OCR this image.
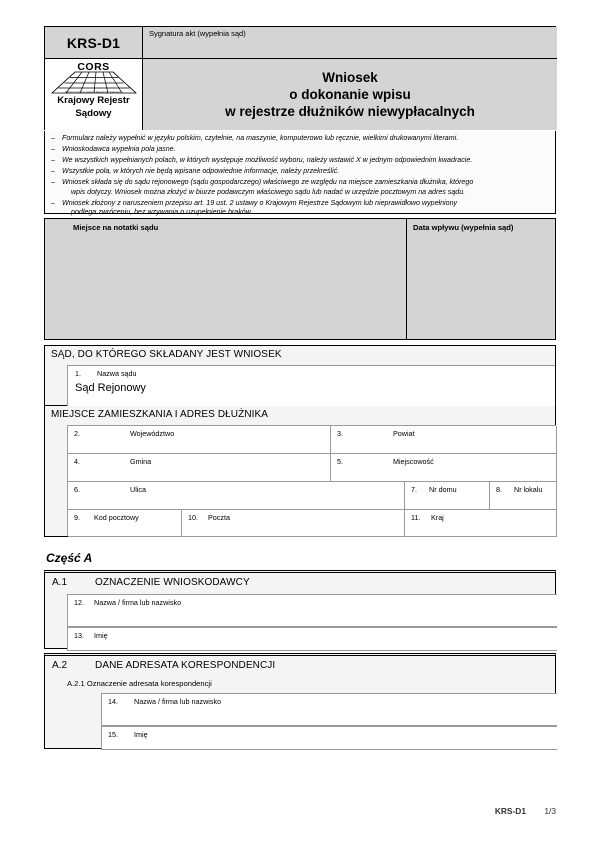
KRS-D1
Sygnatura akt (wypełnia sąd)
CORS
Centrum Ogólnopolskich Rejestrów Sądowych
Krajowy Rejestr
Sądowy
Wniosek
o dokonanie wpisu
w rejestrze dłużników niewypłacalnych
– Formularz należy wypełnić w języku polskim, czytelnie, na maszynie, komputerowo lub ręcznie, wielkimi drukowanymi literami.
– Wnioskodawca wypełnia pola jasne.
– We wszystkich wypełnianych polach, w których występuje możliwość wyboru, należy wstawić X w jednym odpowiednim kwadracie.
– Wszystkie pola, w których nie będą wpisane odpowiednie informacje, należy przekreślić.
– Wniosek składa się do sądu rejonowego (sądu gospodarczego) właściwego ze względu na miejsce zamieszkania dłużnika, którego
wpis dotyczy. Wniosek można złożyć w biurze podawczym właściwego sądu lub nadać w urzędzie pocztowym na adres sądu.
– Wniosek złożony z naruszeniem przepisu art. 19 ust. 2 ustawy o Krajowym Rejestrze Sądowym lub nieprawidłowo wypełniony
podlega zwróceniu, bez wzywania o uzupełnienie braków.
Miejsce na notatki sądu	Data wpływu (wypełnia sąd)
SĄD, DO KTÓREGO SKŁADANY JEST WNIOSEK
1. Nazwa sądu
Sąd Rejonowy
MIEJSCE ZAMIESZKANIA I ADRES DŁUŻNIKA
2.	Województwo	3.	Powiat
4.	Gmina	5.	Miejscowość
6.	Ulica	7. Nr domu	8. Nr lokalu
9. Kod pocztowy	10. Poczta	11. Kraj
Część A
A.1	OZNACZENIE WNIOSKODAWCY
12. Nazwa / firma lub nazwisko
13. Imię
A.2	DANE ADRESATA KORESPONDENCJI
A.2.1 Oznaczenie adresata korespondencji
14. Nazwa / firma lub nazwisko
15. Imię
KRS-D1 1/3
